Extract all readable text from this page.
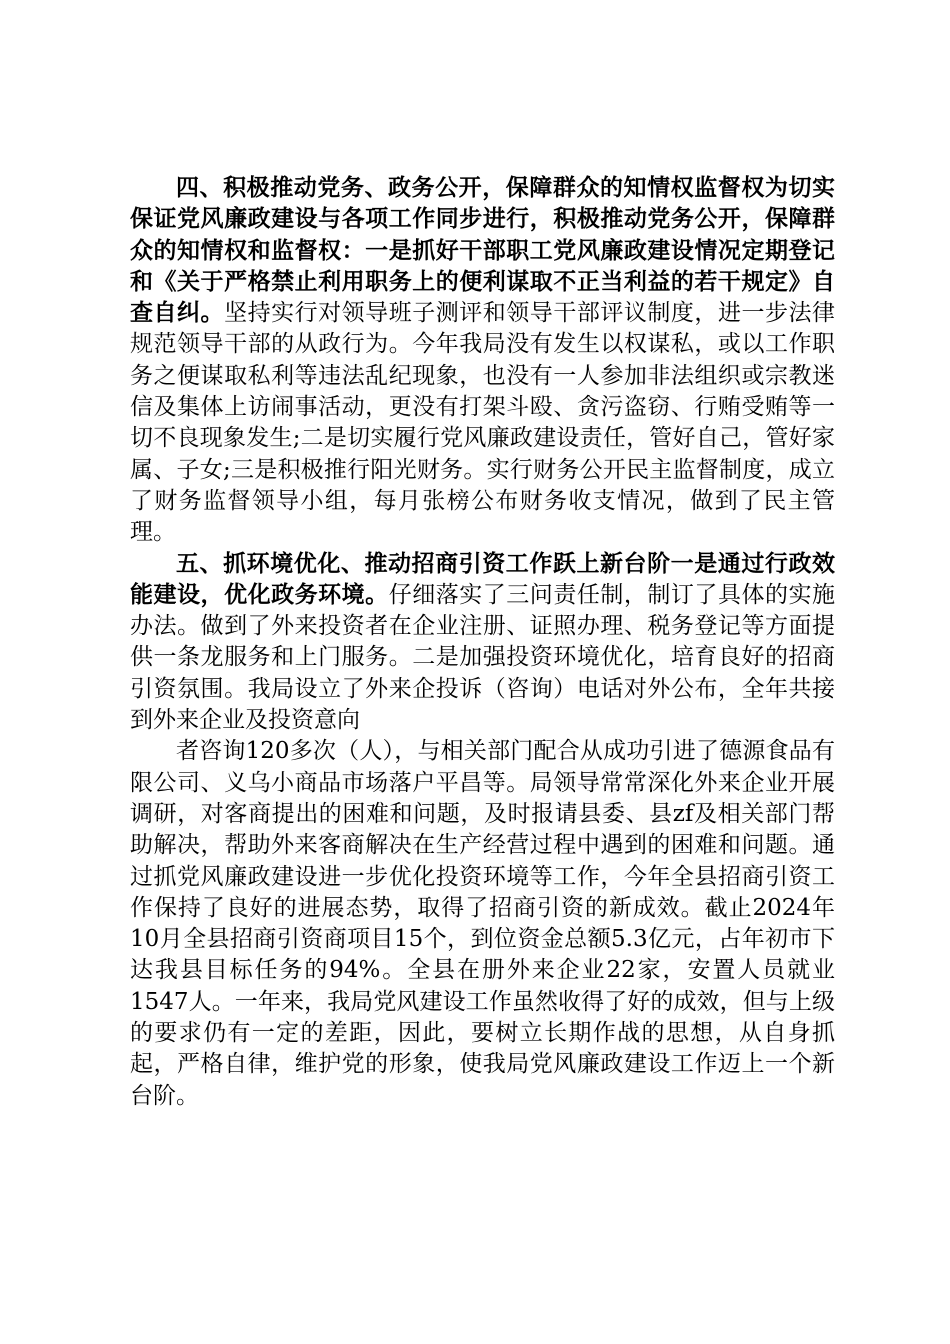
四、积极推动党务、政务公开，保障群众的知情权监督权为切实保证党风廉政建设与各项工作同步进行，积极推动党务公开，保障群众的知情权和监督权：一是抓好干部职工党风廉政建设情况定期登记和《关于严格禁止利用职务上的便利谋取不正当利益的若干规定》自查自纠。坚持实行对领导班子测评和领导干部评议制度，进一步法律规范领导干部的从政行为。今年我局没有发生以权谋私，或以工作职务之便谋取私利等违法乱纪现象，也没有一人参加非法组织或宗教迷信及集体上访闹事活动，更没有打架斗殴、贪污盗窃、行贿受贿等一切不良现象发生;二是切实履行党风廉政建设责任，管好自己，管好家属、子女;三是积极推行阳光财务。实行财务公开民主监督制度，成立了财务监督领导小组，每月张榜公布财务收支情况，做到了民主管理。

五、抓环境优化、推动招商引资工作跃上新台阶一是通过行政效能建设，优化政务环境。仔细落实了三问责任制，制订了具体的实施办法。做到了外来投资者在企业注册、证照办理、税务登记等方面提供一条龙服务和上门服务。二是加强投资环境优化，培育良好的招商引资氛围。我局设立了外来企投诉（咨询）电话对外公布，全年共接到外来企业及投资意向

者咨询120多次（人），与相关部门配合从成功引进了德源食品有限公司、义乌小商品市场落户平昌等。局领导常常深化外来企业开展调研，对客商提出的困难和问题，及时报请县委、县zf及相关部门帮助解决，帮助外来客商解决在生产经营过程中遇到的困难和问题。通过抓党风廉政建设进一步优化投资环境等工作，今年全县招商引资工作保持了良好的进展态势，取得了招商引资的新成效。截止2024年10月全县招商引资商项目15个，到位资金总额5.3亿元，占年初市下达我县目标任务的94%。全县在册外来企业22家，安置人员就业1547人。一年来，我局党风建设工作虽然收得了好的成效，但与上级的要求仍有一定的差距，因此，要树立长期作战的思想，从自身抓起，严格自律，维护党的形象，使我局党风廉政建设工作迈上一个新台阶。
